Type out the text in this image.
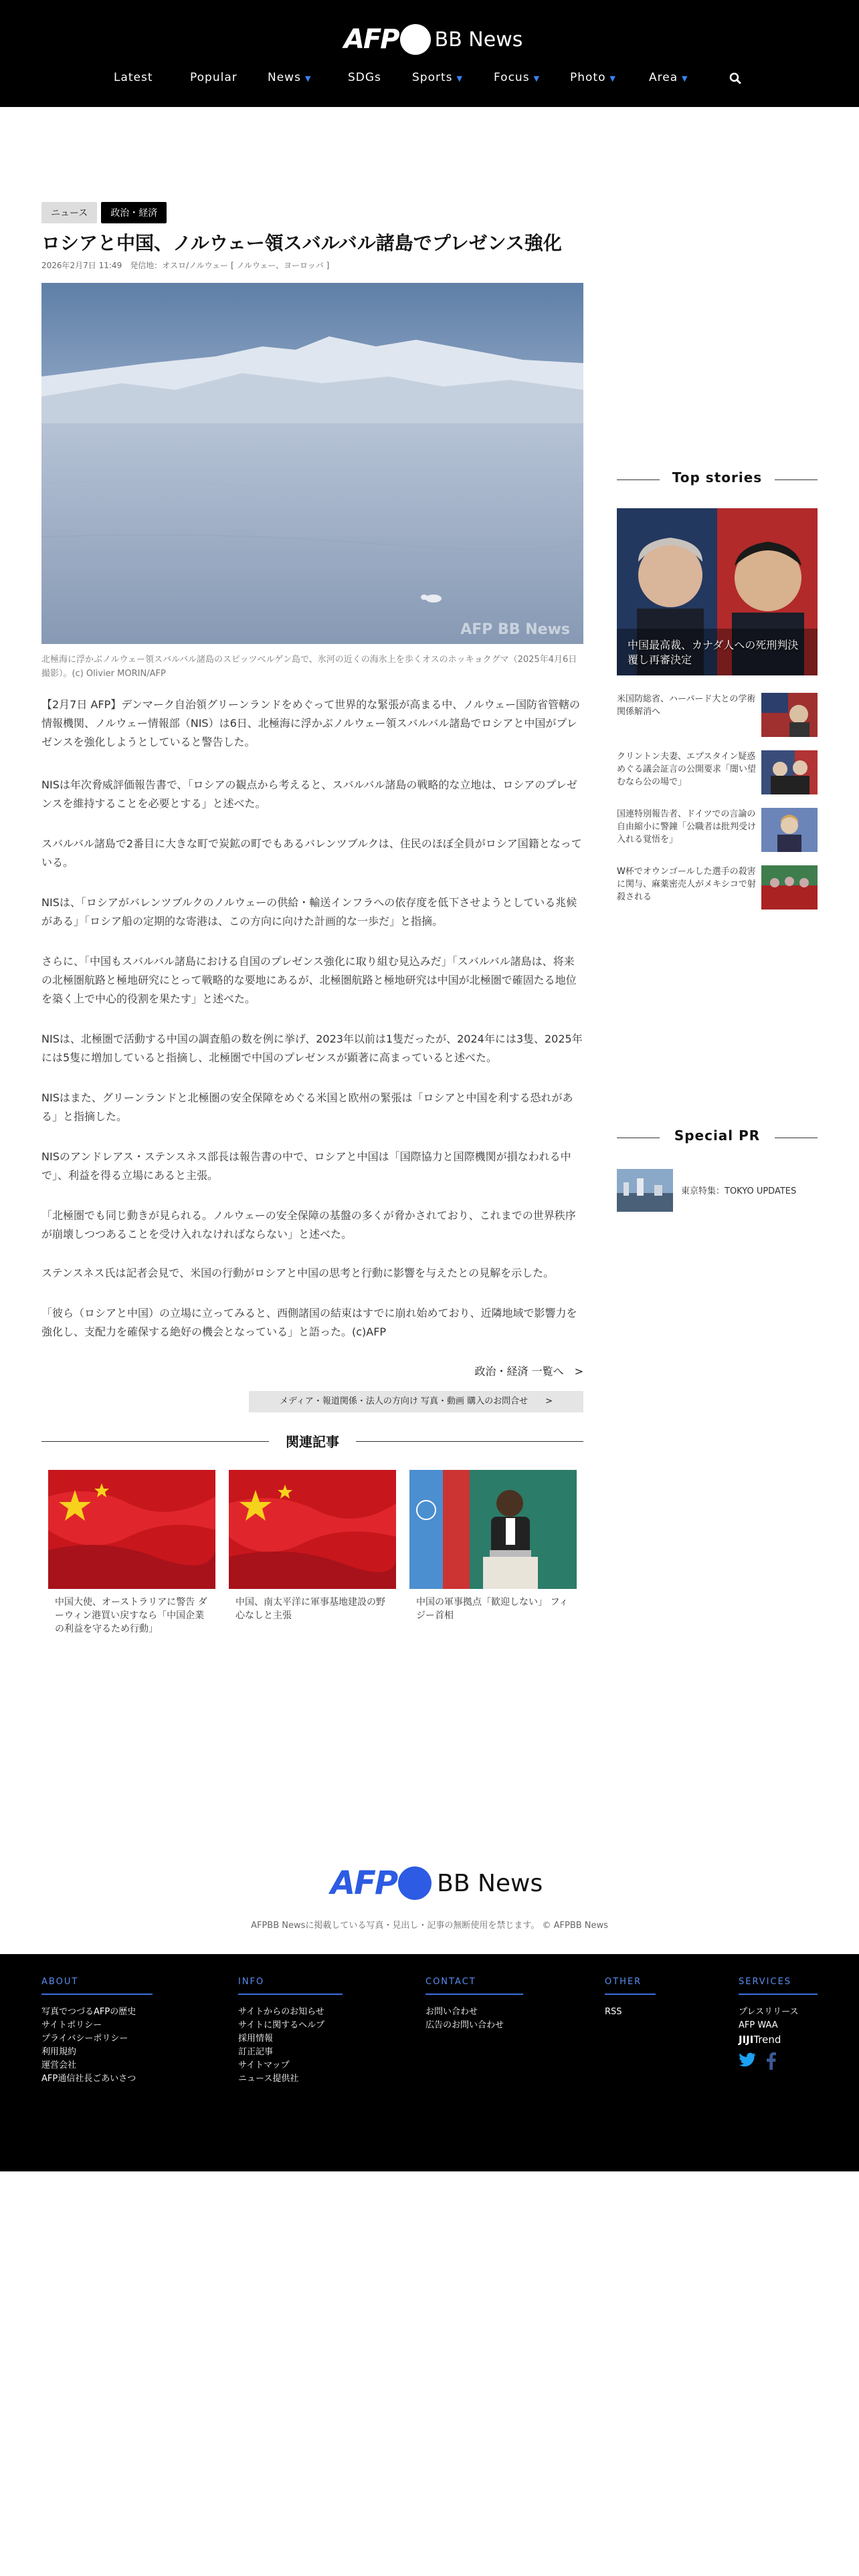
AFP BB News
Latest	Popular	News ▼	SDGs	Sports ▼	Focus ▼	Photo ▼	Area ▼
ニュース	政治・経済
ロシアと中国、ノルウェー領スバルバル諸島でプレゼンス強化
2026年2月7日 11:49　発信地：オスロ/ノルウェー [ ノルウェー、ヨーロッパ ]
AFP BB News
北極海に浮かぶノルウェー領スバルバル諸島のスピッツベルゲン島で、氷河の近くの海氷上を歩くオスのホッキョクグマ（2025年4月6日撮影）。(c) Olivier MORIN/AFP

【2月7日 AFP】デンマーク自治領グリーンランドをめぐって世界的な緊張が高まる中、ノルウェー国防省管轄の情報機関、ノルウェー情報部（NIS）は6日、北極海に浮かぶノルウェー領スバルバル諸島でロシアと中国がプレゼンスを強化しようとしていると警告した。

NISは年次脅威評価報告書で、「ロシアの観点から考えると、スバルバル諸島の戦略的な立地は、ロシアのプレゼンスを維持することを必要とする」と述べた。

スバルバル諸島で2番目に大きな町で炭鉱の町でもあるバレンツブルクは、住民のほぼ全員がロシア国籍となっている。

NISは、「ロシアがバレンツブルクのノルウェーの供給・輸送インフラへの依存度を低下させようとしている兆候がある」「ロシア船の定期的な寄港は、この方向に向けた計画的な一歩だ」と指摘。

さらに、「中国もスバルバル諸島における自国のプレゼンス強化に取り組む見込みだ」「スバルバル諸島は、将来の北極圏航路と極地研究にとって戦略的な要地にあるが、北極圏航路と極地研究は中国が北極圏で確固たる地位を築く上で中心的役割を果たす」と述べた。

NISは、北極圏で活動する中国の調査船の数を例に挙げ、2023年以前は1隻だったが、2024年には3隻、2025年には5隻に増加していると指摘し、北極圏で中国のプレゼンスが顕著に高まっていると述べた。

NISはまた、グリーンランドと北極圏の安全保障をめぐる米国と欧州の緊張は「ロシアと中国を利する恐れがある」と指摘した。

NISのアンドレアス・ステンスネス部長は報告書の中で、ロシアと中国は「国際協力と国際機関が損なわれる中で」、利益を得る立場にあると主張。

「北極圏でも同じ動きが見られる。ノルウェーの安全保障の基盤の多くが脅かされており、これまでの世界秩序が崩壊しつつあることを受け入れなければならない」と述べた。

ステンスネス氏は記者会見で、米国の行動がロシアと中国の思考と行動に影響を与えたとの見解を示した。

「彼ら（ロシアと中国）の立場に立ってみると、西側諸国の結束はすでに崩れ始めており、近隣地域で影響力を強化し、支配力を確保する絶好の機会となっている」と語った。(c)AFP

政治・経済 一覧へ　>
メディア・報道関係・法人の方向け 写真・動画 購入のお問合せ　　>
関連記事
中国大使、オーストラリアに警告 ダーウィン港買い戻すなら「中国企業の利益を守るため行動」
中国、南太平洋に軍事基地建設の野心なしと主張
中国の軍事拠点「歓迎しない」 フィジー首相
Top stories
中国最高裁、カナダ人への死刑判決覆し再審決定
米国防総省、ハーバード大との学術関係解消へ
クリントン夫妻、エプスタイン疑惑めぐる議会証言の公開要求「闇い望むなら公の場で」
国連特別報告者、ドイツでの言論の自由縮小に警鐘「公職者は批判受け入れる覚悟を」
W杯でオウンゴールした選手の殺害に関与、麻薬密売人がメキシコで射殺される
Special PR
東京特集：TOKYO UPDATES
AFP BB News
AFPBB Newsに掲載している写真・見出し・記事の無断使用を禁じます。 © AFPBB News
ABOUT
写真でつづるAFPの歴史
サイトポリシー
プライバシーポリシー
利用規約
運営会社
AFP通信社長ごあいさつ
INFO
サイトからのお知らせ
サイトに関するヘルプ
採用情報
訂正記事
サイトマップ
ニュース提供社
CONTACT
お問い合わせ
広告のお問い合わせ
OTHER
RSS
SERVICES
プレスリリース
AFP WAA
JIJITrend
